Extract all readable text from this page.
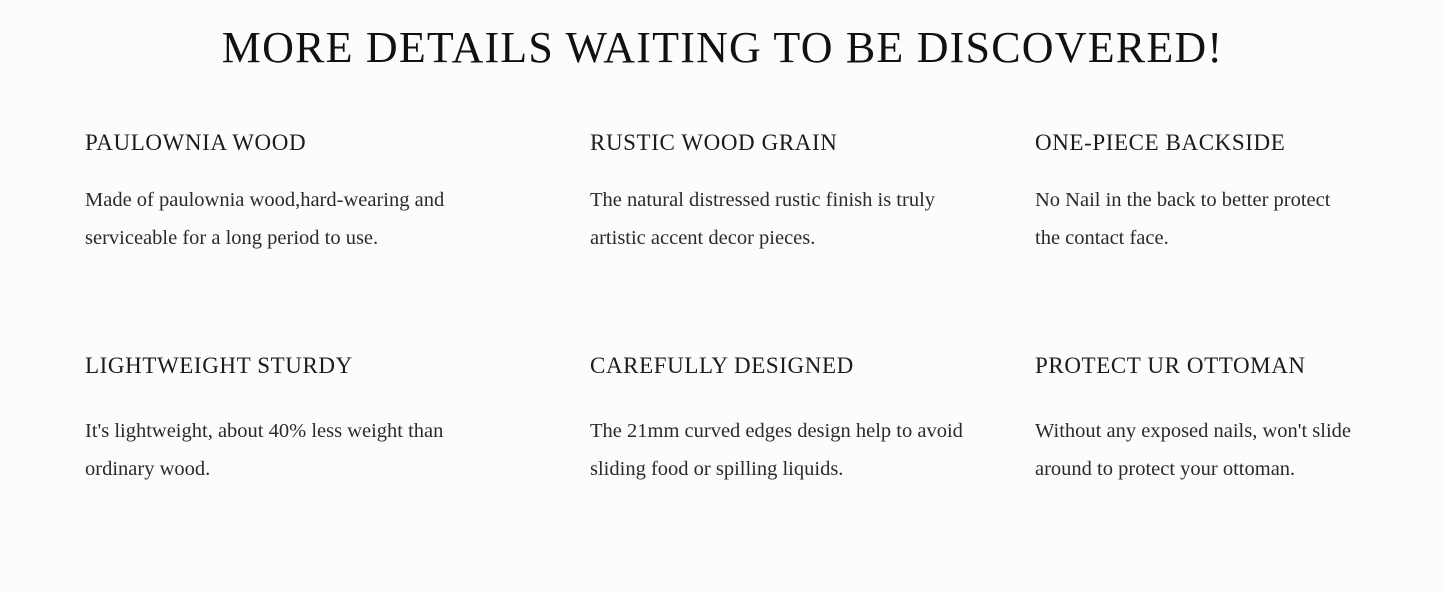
MORE DETAILS WAITING TO BE DISCOVERED!
PAULOWNIA WOOD

Made of paulownia wood,hard-wearing and serviceable for a long period to use.

RUSTIC WOOD GRAIN

The natural distressed rustic finish is truly artistic accent decor pieces.

ONE-PIECE BACKSIDE

No Nail in the back to better protect the contact face.

LIGHTWEIGHT STURDY

It's lightweight, about 40% less weight than ordinary wood.

CAREFULLY DESIGNED

The 21mm curved edges design help to avoid sliding food or spilling liquids.

PROTECT UR OTTOMAN

Without any exposed nails, won't slide around to protect your ottoman.
